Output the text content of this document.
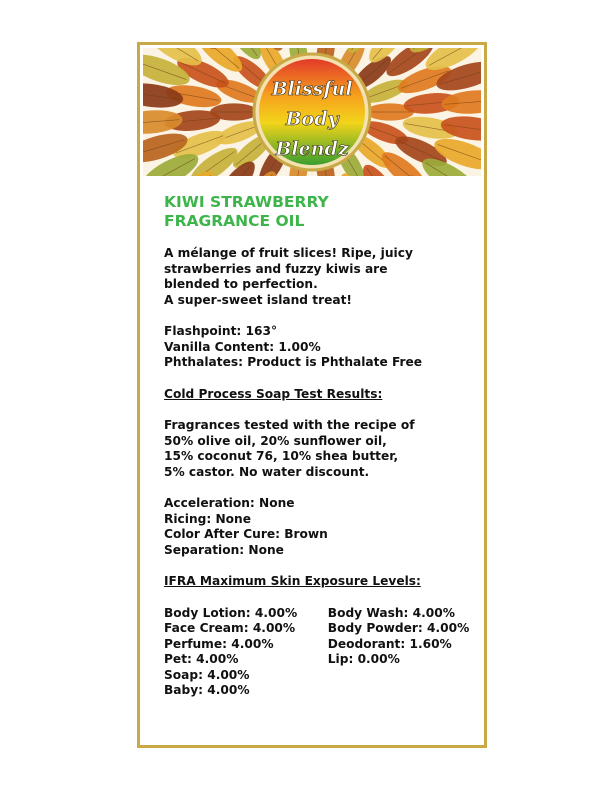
Blissful
Body
Blendz
KIWI STRAWBERRY
FRAGRANCE OIL
A mélange of fruit slices! Ripe, juicy
strawberries and fuzzy kiwis are
blended to perfection.
A super-sweet island treat!
Flashpoint: 163°
Vanilla Content: 1.00%
Phthalates: Product is Phthalate Free
Cold Process Soap Test Results:
Fragrances tested with the recipe of
50% olive oil, 20% sunflower oil,
15% coconut 76, 10% shea butter,
5% castor. No water discount.
Acceleration: None
Ricing: None
Color After Cure: Brown
Separation: None
IFRA Maximum Skin Exposure Levels:
Body Lotion: 4.00%
Face Cream: 4.00%
Perfume: 4.00%
Pet: 4.00%
Soap: 4.00%
Baby: 4.00%
Body Wash: 4.00%
Body Powder: 4.00%
Deodorant: 1.60%
Lip: 0.00%
